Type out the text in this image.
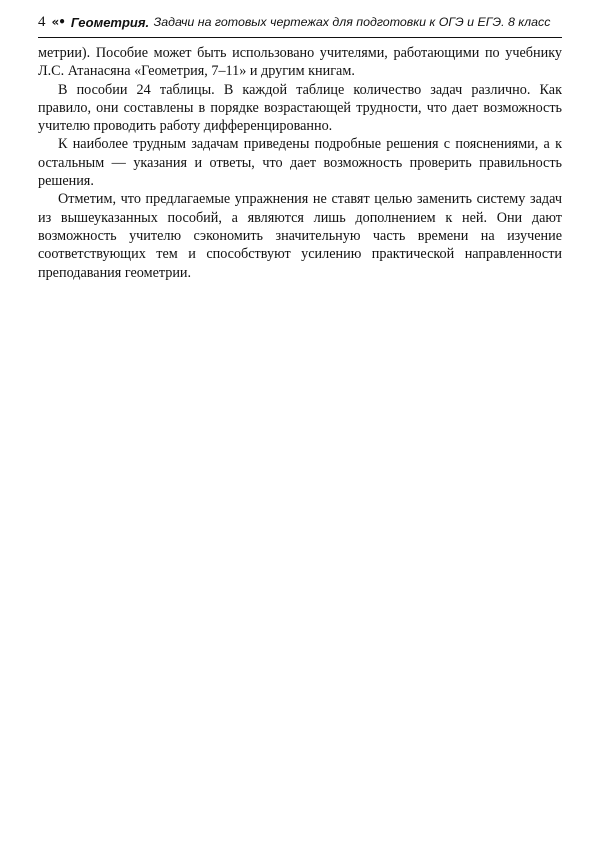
4 «• Геометрия.
Задачи на готовых чертежах для подготовки к ОГЭ и ЕГЭ. 8 класс

метрии). Пособие может быть использовано учителями, работающими по учебнику Л.С. Атанасяна «Геометрия, 7–11» и другим книгам.

В пособии 24 таблицы. В каждой таблице количество задач различно. Как правило, они составлены в порядке возрастающей трудности, что дает возможность учителю проводить работу дифференцированно.

К наиболее трудным задачам приведены подробные решения с пояснениями, а к остальным — указания и ответы, что дает возможность проверить правильность решения.

Отметим, что предлагаемые упражнения не ставят целью заменить систему задач из вышеуказанных пособий, а являются лишь дополнением к ней. Они дают возможность учителю сэкономить значительную часть времени на изучение соответствующих тем и способствуют усилению практической направленности преподавания геометрии.
